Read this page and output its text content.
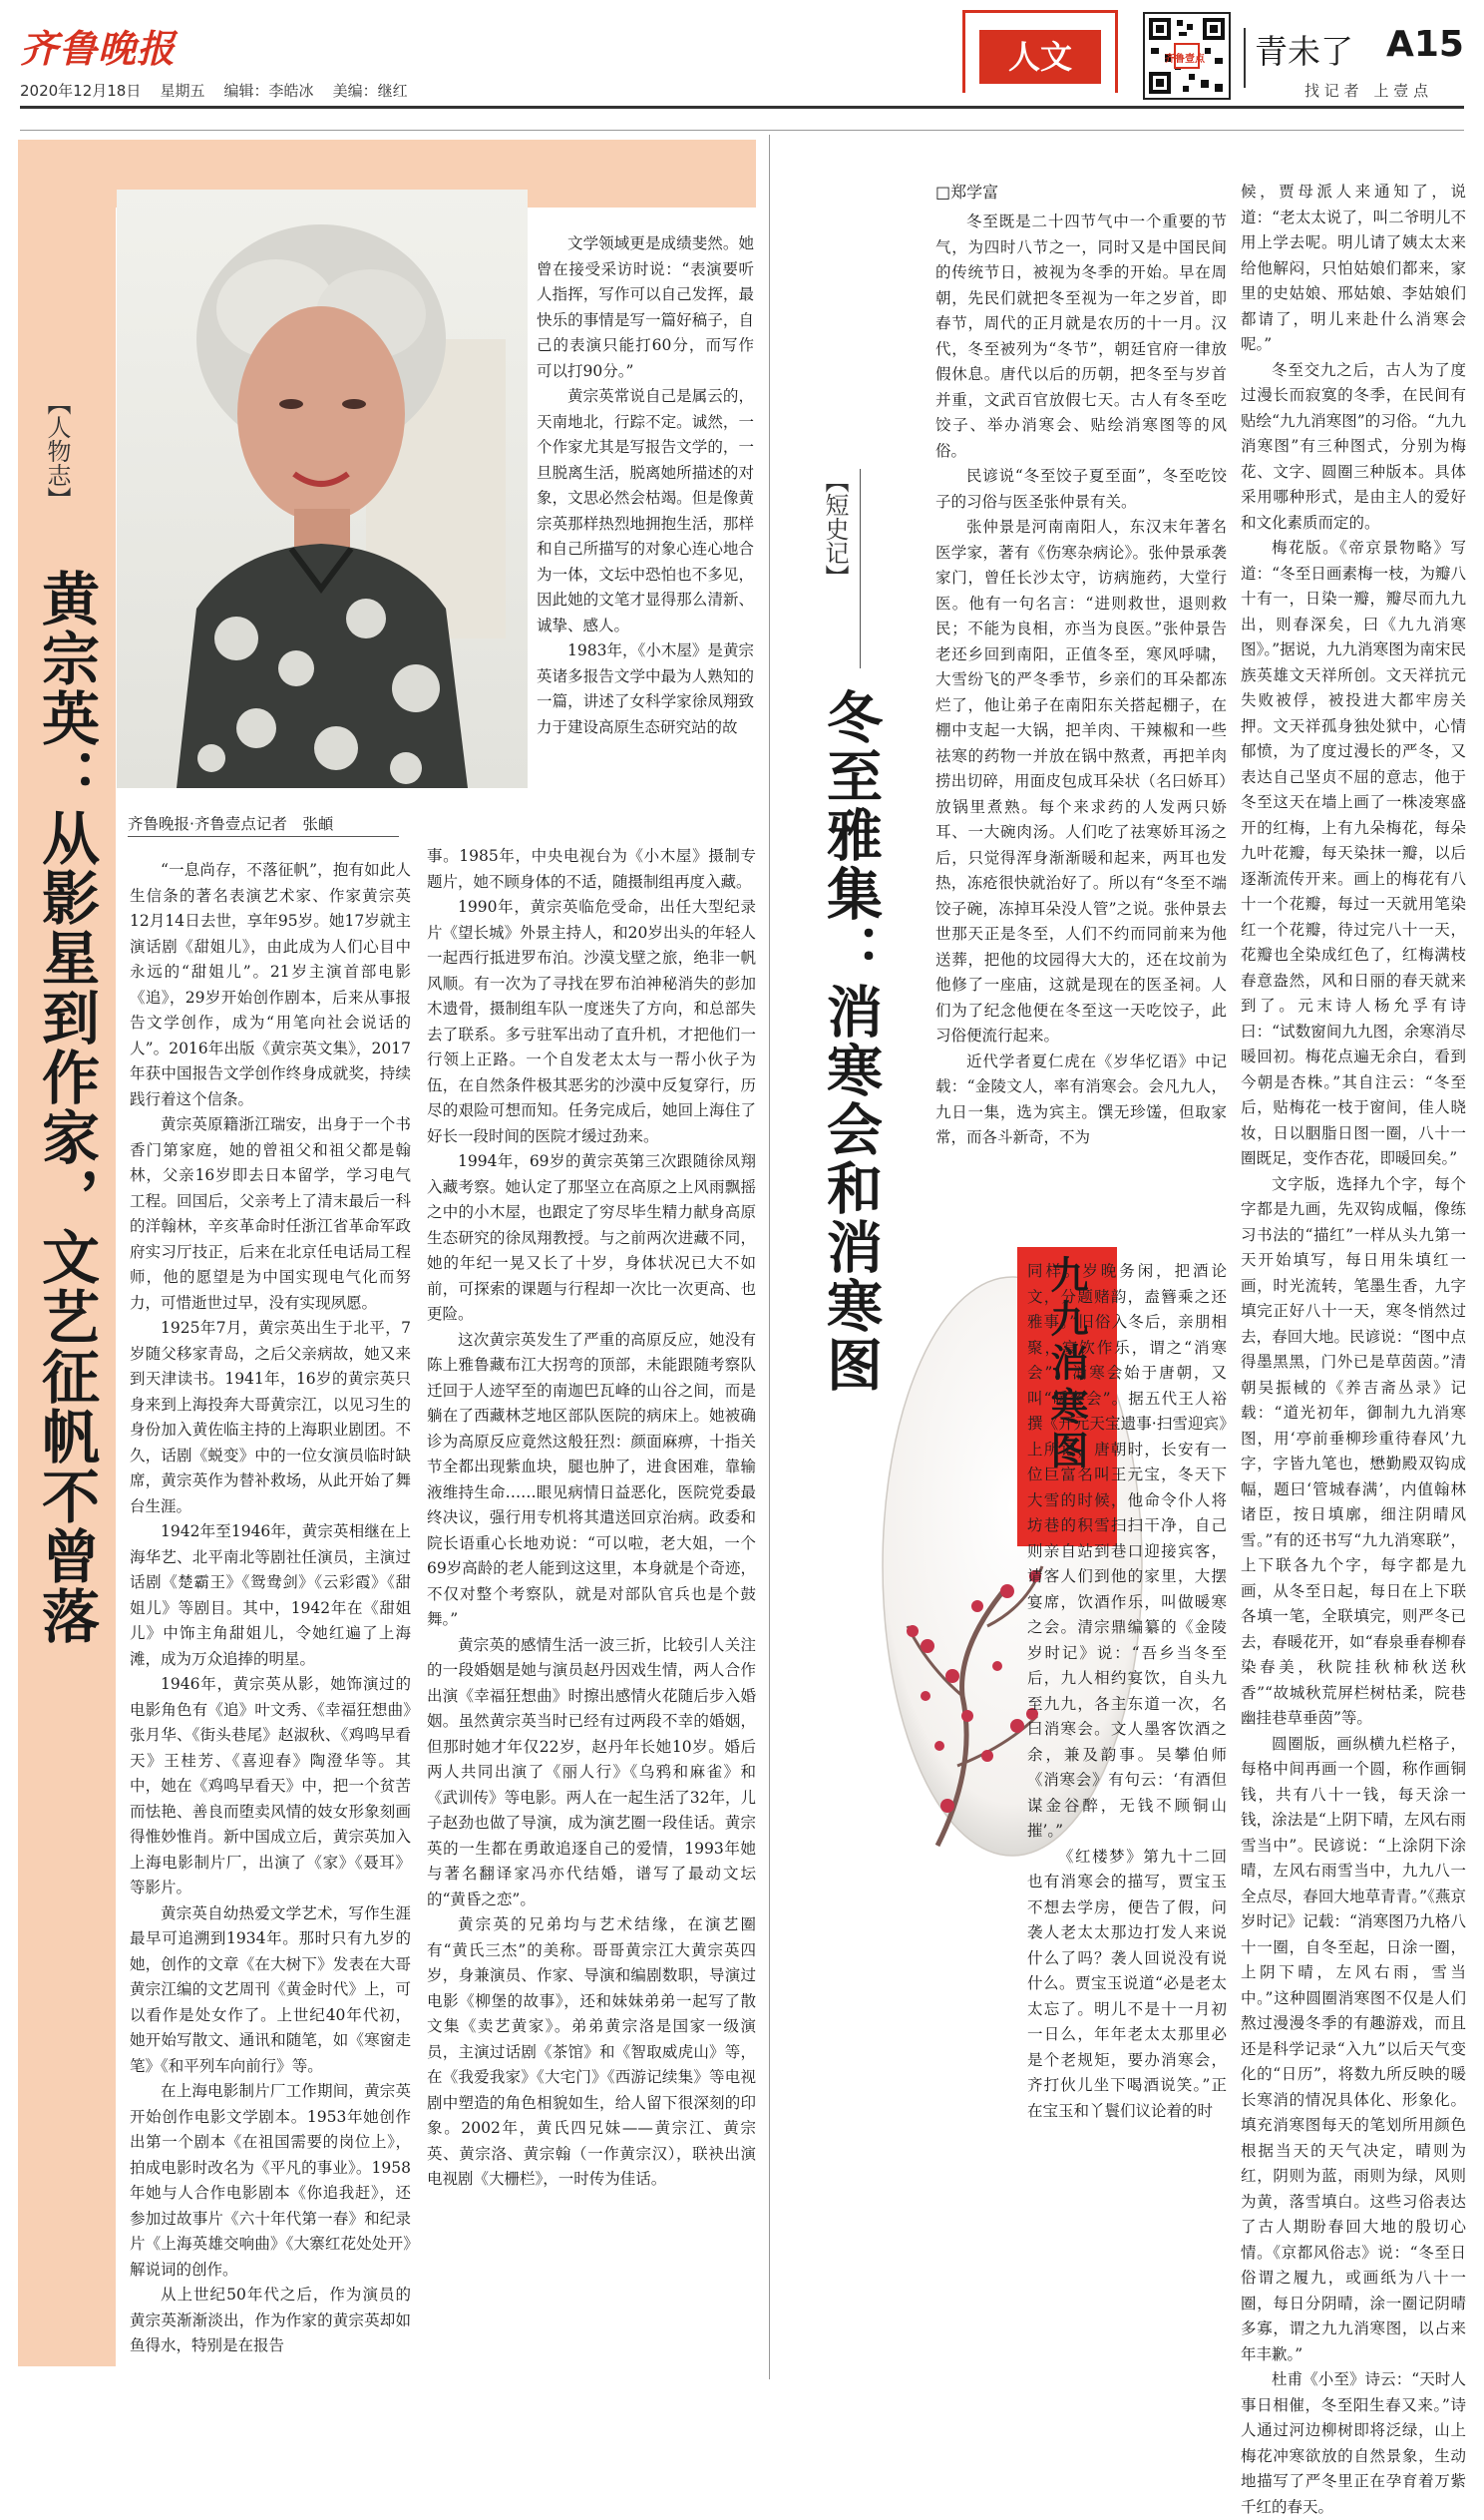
齐鲁晚报
2020年12月18日 星期五 编辑：李皓冰 美编：继红
人文	齐鲁壹点 青未了 A15
找 记 者　上 壹 点
【人物志】
黄宗英：从影星到作家，文艺征帆不曾落 齐鲁晚报·齐鲁壹点记者　张頔

“一息尚存，不落征帆”，抱有如此人生信条的著名表演艺术家、作家黄宗英12月14日去世，享年95岁。她17岁就主演话剧《甜姐儿》，由此成为人们心目中永远的“甜姐儿”。21岁主演首部电影《追》，29岁开始创作剧本，后来从事报告文学创作，成为“用笔向社会说话的人”。2016年出版《黄宗英文集》，2017年获中国报告文学创作终身成就奖，持续践行着这个信条。

黄宗英原籍浙江瑞安，出身于一个书香门第家庭，她的曾祖父和祖父都是翰林，父亲16岁即去日本留学，学习电气工程。回国后，父亲考上了清末最后一科的洋翰林，辛亥革命时任浙江省革命军政府实习厅技正，后来在北京任电话局工程师，他的愿望是为中国实现电气化而努力，可惜逝世过早，没有实现夙愿。

1925年7月，黄宗英出生于北平，7岁随父移家青岛，之后父亲病故，她又来到天津读书。1941年，16岁的黄宗英只身来到上海投奔大哥黄宗江，以见习生的身份加入黄佐临主持的上海职业剧团。不久，话剧《蜕变》中的一位女演员临时缺席，黄宗英作为替补救场，从此开始了舞台生涯。

1942年至1946年，黄宗英相继在上海华艺、北平南北等剧社任演员，主演过话剧《楚霸王》《鸳鸯剑》《云彩霞》《甜姐儿》等剧目。其中，1942年在《甜姐儿》中饰主角甜姐儿，令她红遍了上海滩，成为万众追捧的明星。

1946年，黄宗英从影，她饰演过的电影角色有《追》叶文秀、《幸福狂想曲》张月华、《街头巷尾》赵淑秋、《鸡鸣早看天》王桂芳、《喜迎春》陶澄华等。其中，她在《鸡鸣早看天》中，把一个贫苦而怯艳、善良而堕卖风情的妓女形象刻画得惟妙惟肖。新中国成立后，黄宗英加入上海电影制片厂，出演了《家》《聂耳》等影片。

黄宗英自幼热爱文学艺术，写作生涯最早可追溯到1934年。那时只有九岁的她，创作的文章《在大树下》发表在大哥黄宗江编的文艺周刊《黄金时代》上，可以看作是处女作了。上世纪40年代初，她开始写散文、通讯和随笔，如《寒窗走笔》《和平列车向前行》等。

在上海电影制片厂工作期间，黄宗英开始创作电影文学剧本。1953年她创作出第一个剧本《在祖国需要的岗位上》，拍成电影时改名为《平凡的事业》。1958年她与人合作电影剧本《你追我赶》，还参加过故事片《六十年代第一春》和纪录片《上海英雄交响曲》《大寨红花处处开》解说词的创作。

从上世纪50年代之后，作为演员的黄宗英渐渐淡出，作为作家的黄宗英却如鱼得水，特别是在报告

文学领域更是成绩斐然。她曾在接受采访时说：“表演要听人指挥，写作可以自己发挥，最快乐的事情是写一篇好稿子，自己的表演只能打60分，而写作可以打90分。”

黄宗英常说自己是属云的，天南地北，行踪不定。诚然，一个作家尤其是写报告文学的，一旦脱离生活，脱离她所描述的对象，文思必然会枯竭。但是像黄宗英那样热烈地拥抱生活，那样和自己所描写的对象心连心地合为一体，文坛中恐怕也不多见，因此她的文笔才显得那么清新、诚挚、感人。

1983年，《小木屋》是黄宗英诸多报告文学中最为人熟知的一篇，讲述了女科学家徐凤翔致力于建设高原生态研究站的故

事。1985年，中央电视台为《小木屋》摄制专题片，她不顾身体的不适，随摄制组再度入藏。

1990年，黄宗英临危受命，出任大型纪录片《望长城》外景主持人，和20岁出头的年轻人一起西行抵进罗布泊。沙漠戈壁之旅，绝非一帆风顺。有一次为了寻找在罗布泊神秘消失的彭加木遗骨，摄制组车队一度迷失了方向，和总部失去了联系。多亏驻军出动了直升机，才把他们一行领上正路。一个自发老太太与一帮小伙子为伍，在自然条件极其恶劣的沙漠中反复穿行，历尽的艰险可想而知。任务完成后，她回上海住了好长一段时间的医院才缓过劲来。

1994年，69岁的黄宗英第三次跟随徐凤翔入藏考察。她认定了那坚立在高原之上风雨飘摇之中的小木屋，也跟定了穷尽毕生精力献身高原生态研究的徐凤翔教授。与之前两次进藏不同，她的年纪一晃又长了十岁，身体状况已大不如前，可探索的课题与行程却一次比一次更高、也更险。

这次黄宗英发生了严重的高原反应，她没有陈上雅鲁藏布江大拐弯的顶部，未能跟随考察队迁回于人迹罕至的南迦巴瓦峰的山谷之间，而是躺在了西藏林芝地区部队医院的病床上。她被确诊为高原反应竟然这般狂烈：颜面麻痹，十指关节全都出现紫血块，腿也肿了，进食困难，靠输液维持生命……眼见病情日益恶化，医院党委最终决议，强行用专机将其遣送回京治病。政委和院长语重心长地劝说：“可以啦，老大姐，一个69岁高龄的老人能到这这里，本身就是个奇迹，不仅对整个考察队，就是对部队官兵也是个鼓舞。”

黄宗英的感情生活一波三折，比较引人关注的一段婚姻是她与演员赵丹因戏生情，两人合作出演《幸福狂想曲》时擦出感情火花随后步入婚姻。虽然黄宗英当时已经有过两段不幸的婚姻，但那时她才年仅22岁，赵丹年长她10岁。婚后两人共同出演了《丽人行》《乌鸦和麻雀》和《武训传》等电影。两人在一起生活了32年，儿子赵劲也做了导演，成为演艺圈一段佳话。黄宗英的一生都在勇敢追逐自己的爱情，1993年她与著名翻译家冯亦代结婚，谱写了最动文坛的“黄昏之恋”。

黄宗英的兄弟均与艺术结缘，在演艺圈有“黄氏三杰”的美称。哥哥黄宗江大黄宗英四岁，身兼演员、作家、导演和编剧数职，导演过电影《柳堡的故事》，还和妹妹弟弟一起写了散文集《卖艺黄家》。弟弟黄宗洛是国家一级演员，主演过话剧《茶馆》和《智取威虎山》等，在《我爱我家》《大宅门》《西游记续集》等电视剧中塑造的角色相貌如生，给人留下很深刻的印象。2002年，黄氏四兄妹——黄宗江、黄宗英、黄宗洛、黄宗翰（一作黄宗汉），联袂出演电视剧《大栅栏》，一时传为佳话。

□郑学富
【短史记】
冬至雅集：消寒会和消寒图

冬至既是二十四节气中一个重要的节气，为四时八节之一，同时又是中国民间的传统节日，被视为冬季的开始。早在周朝，先民们就把冬至视为一年之岁首，即春节，周代的正月就是农历的十一月。汉代，冬至被列为“冬节”，朝廷官府一律放假休息。唐代以后的历朝，把冬至与岁首并重，文武百官放假七天。古人有冬至吃饺子、举办消寒会、贴绘消寒图等的风俗。

民谚说“冬至饺子夏至面”，冬至吃饺子的习俗与医圣张仲景有关。

张仲景是河南南阳人，东汉末年著名医学家，著有《伤寒杂病论》。张仲景承袭家门，曾任长沙太守，访病施药，大堂行医。他有一句名言：“进则救世，退则救民；不能为良相，亦当为良医。”张仲景告老还乡回到南阳，正值冬至，寒风呼啸，大雪纷飞的严冬季节，乡亲们的耳朵都冻烂了，他让弟子在南阳东关搭起棚子，在棚中支起一大锅，把羊肉、干辣椒和一些祛寒的药物一并放在锅中熬煮，再把羊肉捞出切碎，用面皮包成耳朵状（名曰娇耳）放锅里煮熟。每个来求药的人发两只娇耳、一大碗肉汤。人们吃了祛寒娇耳汤之后，只觉得浑身渐渐暖和起来，两耳也发热，冻疮很快就治好了。所以有“冬至不端饺子碗，冻掉耳朵没人管”之说。张仲景去世那天正是冬至，人们不约而同前来为他送葬，把他的坟园得大大的，还在坟前为他修了一座庙，这就是现在的医圣祠。人们为了纪念他便在冬至这一天吃饺子，此习俗便流行起来。

近代学者夏仁虎在《岁华忆语》中记载：“金陵文人，率有消寒会。会凡九人，九日一集，选为宾主。馔无珍馐，但取家常，而各斗新奇，不为

九九消寒图

同样。岁晚务闲，把酒论文，分题赌韵，盍簪乘之还雅事。”旧俗入冬后，亲朋相聚，宴饮作乐，谓之“消寒会”。消寒会始于唐朝，又叫“暖冬会”。据五代王人裕撰《开元天宝遗事·扫雪迎宾》上所记，唐朝时，长安有一位巨富名叫王元宝，冬天下大雪的时候，他命令仆人将坊巷的积雪扫扫干净，自己则亲自站到巷口迎接宾客，请客人们到他的家里，大摆宴席，饮酒作乐，叫做暖寒之会。清宗鼎编纂的《金陵岁时记》说：“吾乡当冬至后，九人相约宴饮，自头九至九九，各主东道一次，名曰消寒会。文人墨客饮酒之余，兼及韵事。吴攀伯师《消寒会》有句云：‘有酒但谋金谷醉，无钱不顾铜山摧’。”

《红楼梦》第九十二回也有消寒会的描写，贾宝玉不想去学房，便告了假，问袭人老太太那边打发人来说什么了吗？袭人回说没有说什么。贾宝玉说道“必是老太太忘了。明儿不是十一月初一日么，年年老太太那里必是个老规矩，要办消寒会，齐打伙儿坐下喝酒说笑。”正在宝玉和丫鬟们议论着的时

候，贾母派人来通知了，说道：“老太太说了，叫二爷明儿不用上学去呢。明儿请了姨太太来给他解闷，只怕姑娘们都来，家里的史姑娘、邢姑娘、李姑娘们都请了，明儿来赴什么消寒会呢。”

冬至交九之后，古人为了度过漫长而寂寞的冬季，在民间有贴绘“九九消寒图”的习俗。“九九消寒图”有三种图式，分别为梅花、文字、圆圈三种版本。具体采用哪种形式，是由主人的爱好和文化素质而定的。

梅花版。《帝京景物略》写道：“冬至日画素梅一枝，为瓣八十有一，日染一瓣，瓣尽而九九出，则春深矣，曰《九九消寒图》。”据说，九九消寒图为南宋民族英雄文天祥所创。文天祥抗元失败被俘，被投进大都牢房关押。文天祥孤身独处狱中，心情郁愤，为了度过漫长的严冬，又表达自己坚贞不屈的意志，他于冬至这天在墙上画了一株凌寒盛开的红梅，上有九朵梅花，每朵九叶花瓣，每天染抹一瓣，以后逐渐流传开来。画上的梅花有八十一个花瓣，每过一天就用笔染红一个花瓣，待过完八十一天，花瓣也全染成红色了，红梅满枝春意盎然，风和日丽的春天就来到了。元末诗人杨允孚有诗曰：“试数窗间九九图，余寒消尽暖回初。梅花点遍无余白，看到今朝是杏株。”其自注云：“冬至后，贴梅花一枝于窗间，佳人晓妆，日以胭脂日图一圈，八十一圈既足，变作杏花，即暖回矣。”

文字版，选择九个字，每个字都是九画，先双钩成幅，像练习书法的“描红”一样从头九第一天开始填写，每日用朱填红一画，时光流转，笔墨生香，九字填完正好八十一天，寒冬悄然过去，春回大地。民谚说：“图中点得墨黑黑，门外已是草茵茵。”清朝吴振棫的《养吉斋丛录》记载：“道光初年，御制九九消寒图，用‘亭前垂柳珍重待春风’九字，字皆九笔也，懋勤殿双钩成幅，题曰‘管城春满’，内值翰林诸臣，按日填廓，细注阴晴风雪。”有的还书写“九九消寒联”，上下联各九个字，每字都是九画，从冬至日起，每日在上下联各填一笔，全联填完，则严冬已去，春暖花开，如“春泉垂春柳春染春美，秋院挂秋柿秋送秋香”“故城秋荒屏栏树枯柔，院巷幽挂巷草垂茵”等。

圆圈版，画纵横九栏格子，每格中间再画一个圆，称作画铜钱，共有八十一钱，每天涂一钱，涂法是“上阴下晴，左风右雨雪当中”。民谚说：“上涂阴下涂晴，左风右雨雪当中，九九八一全点尽，春回大地草青青。”《燕京岁时记》记载：“消寒图乃九格八十一圈，自冬至起，日涂一圈，上阴下晴，左风右雨，雪当中。”这种圆圈消寒图不仅是人们熬过漫漫冬季的有趣游戏，而且还是科学记录“入九”以后天气变化的“日历”，将数九所反映的暖长寒消的情况具体化、形象化。填充消寒图每天的笔划所用颜色根据当天的天气决定，晴则为红，阴则为蓝，雨则为绿，风则为黄，落雪填白。这些习俗表达了古人期盼春回大地的殷切心情。《京都风俗志》说：“冬至日俗谓之履九，或画纸为八十一圈，每日分阴晴，涂一圈记阴晴多寡，谓之九九消寒图，以占来年丰歉。”

杜甫《小至》诗云：“天时人事日相催，冬至阳生春又来。”诗人通过河边柳树即将泛绿，山上梅花冲寒欲放的自然景象，生动地描写了严冬里正在孕育着万紫千红的春天。
